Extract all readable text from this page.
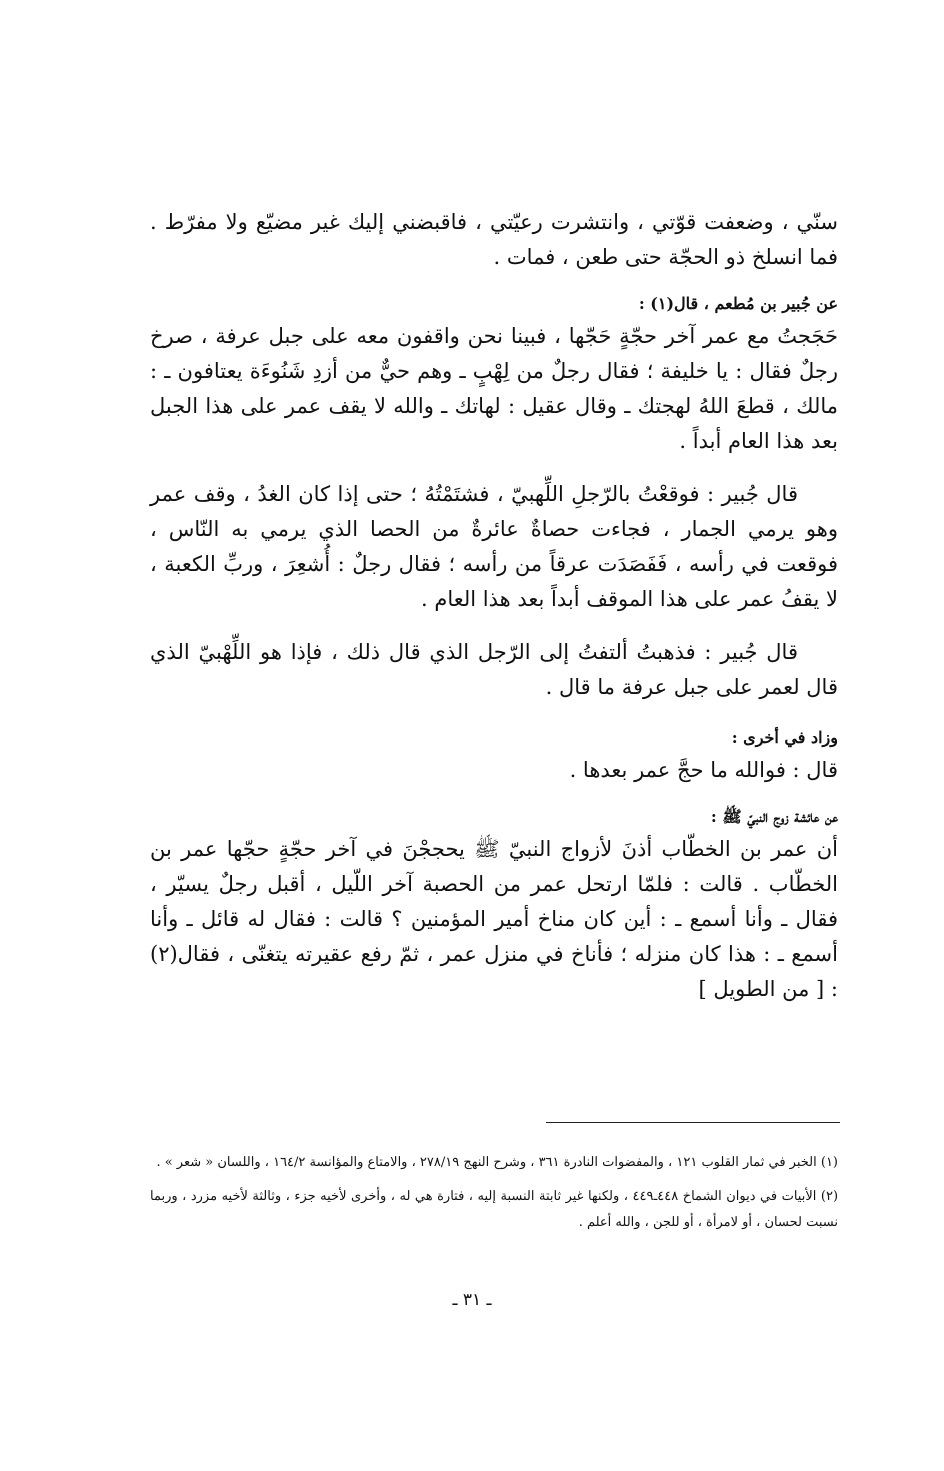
سنّي ، وضعفت قوّتي ، وانتشرت رعيّتي ، فاقبضني إليك غير مضيّع ولا مفرّط . فما انسلخ ذو الحجّة حتى طعن ، فمات .

عن جُبير بن مُطعم ، قال(١) :

حَجَجتُ مع عمر آخر حجّةٍ حَجّها ، فبينا نحن واقفون معه على جبل عرفة ، صرخ رجلٌ فقال : يا خليفة ؛ فقال رجلٌ من لِهْبٍ ـ وهم حيٌّ من أزدِ شَنُوءَة يعتافون ـ : مالك ، قطعَ اللهُ لهجتك ـ وقال عقيل : لهاتك ـ والله لا يقف عمر على هذا الجبل بعد هذا العام أبداً .

قال جُبير : فوقعْتُ بالرّجلِ اللِّهبيّ ، فشتَمْتُهُ ؛ حتى إذا كان الغدُ ، وقف عمر وهو يرمي الجمار ، فجاءت حصاةٌ عائرةٌ من الحصا الذي يرمي به النّاس ، فوقعت في رأسه ، فَفَصَدَت عرقاً من رأسه ؛ فقال رجلٌ : أُشعِرَ ، وربِّ الكعبة ، لا يقفُ عمر على هذا الموقف أبداً بعد هذا العام .

قال جُبير : فذهبتُ ألتفتُ إلى الرّجل الذي قال ذلك ، فإذا هو اللِّهْبيّ الذي قال لعمر على جبل عرفة ما قال .

وزاد في أخرى :

قال : فوالله ما حجَّ عمر بعدها .

عن عائشة زوج النبيّ ﷺ :

أن عمر بن الخطّاب أذنَ لأزواج النبيّ ﷺ يحججْنَ في آخر حجّةٍ حجّها عمر بن الخطّاب . قالت : فلمّا ارتحل عمر من الحصبة آخر اللّيل ، أقبل رجلٌ يسيّر ، فقال ـ وأنا أسمع ـ : أين كان مناخ أمير المؤمنين ؟ قالت : فقال له قائل ـ وأنا أسمع ـ : هذا كان منزله ؛ فأناخ في منزل عمر ، ثمّ رفع عقيرته يتغنّى ، فقال(٢) : [ من الطويل ]

(١) الخبر في ثمار القلوب ١٢١ ، والمفضوات النادرة ٣٦١ ، وشرح النهج ٢٧٨/١٩ ، والامتاع والمؤانسة ١٦٤/٢ ، واللسان « شعر » .

(٢) الأبيات في ديوان الشماخ ٤٤٨ـ٤٤٩ ، ولكنها غير ثابتة النسبة إليه ، فتارة هي له ، وأخرى لأخيه جزء ، وثالثة لأخيه مزرد ، وربما نسبت لحسان ، أو لامرأة ، أو للجن ، والله أعلم .

ـ ٣١ ـ
